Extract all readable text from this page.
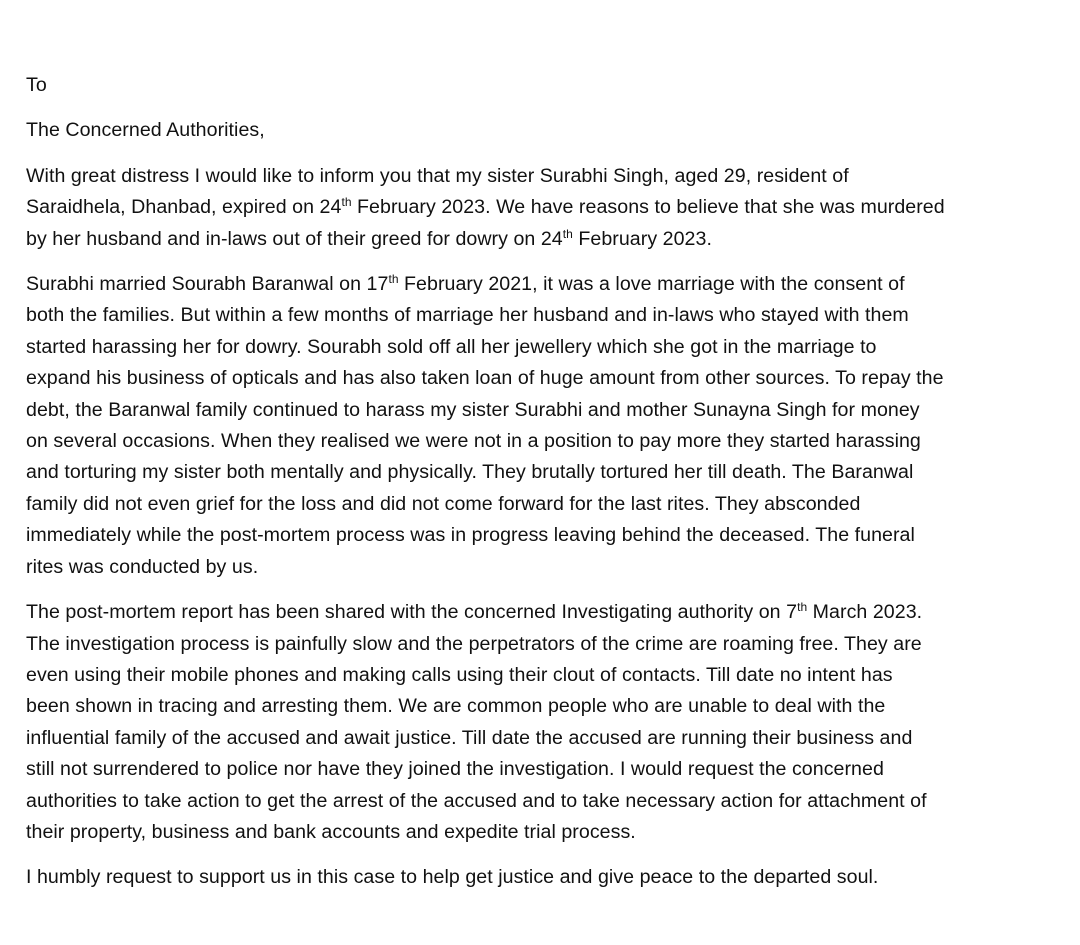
To

The Concerned Authorities,

With great distress I would like to inform you that my sister Surabhi Singh, aged 29, resident of
Saraidhela, Dhanbad, expired on 24th February 2023. We have reasons to believe that she was murdered
by her husband and in-laws out of their greed for dowry on 24th February 2023.

Surabhi married Sourabh Baranwal on 17th February 2021, it was a love marriage with the consent of
both the families. But within a few months of marriage her husband and in-laws who stayed with them
started harassing her for dowry. Sourabh sold off all her jewellery which she got in the marriage to
expand his business of opticals and has also taken loan of huge amount from other sources. To repay the
debt, the Baranwal family continued to harass my sister Surabhi and mother Sunayna Singh for money
on several occasions. When they realised we were not in a position to pay more they started harassing
and torturing my sister both mentally and physically. They brutally tortured her till death. The Baranwal
family did not even grief for the loss and did not come forward for the last rites. They absconded
immediately while the post-mortem process was in progress leaving behind the deceased. The funeral
rites was conducted by us.

The post-mortem report has been shared with the concerned Investigating authority on 7th March 2023.
The investigation process is painfully slow and the perpetrators of the crime are roaming free. They are
even using their mobile phones and making calls using their clout of contacts. Till date no intent has
been shown in tracing and arresting them. We are common people who are unable to deal with the
influential family of the accused and await justice. Till date the accused are running their business and
still not surrendered to police nor have they joined the investigation. I would request the concerned
authorities to take action to get the arrest of the accused and to take necessary action for attachment of
their property, business and bank accounts and expedite trial process.

I humbly request to support us in this case to help get justice and give peace to the departed soul.
